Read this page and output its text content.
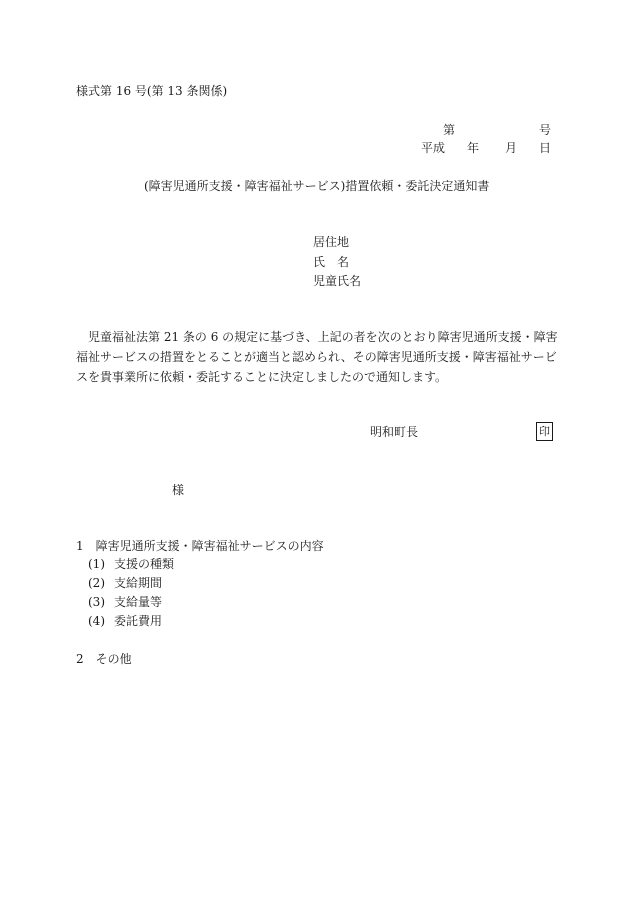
様式第 16 号(第 13 条関係)
第	号
平成 年 月 日
(障害児通所支援・障害福祉サービス)措置依頼・委託決定通知書
居住地
氏　名
児童氏名
　児童福祉法第 21 条の 6 の規定に基づき、上記の者を次のとおり障害児通所支援・障害
福祉サービスの措置をとることが適当と認められ、その障害児通所支援・障害福祉サービ
スを貴事業所に依頼・委託することに決定しましたので通知します。
明和町長	印
様
1　障害児通所支援・障害福祉サービスの内容
(1) 支援の種類
(2) 支給期間
(3) 支給量等
(4) 委託費用
2　その他
